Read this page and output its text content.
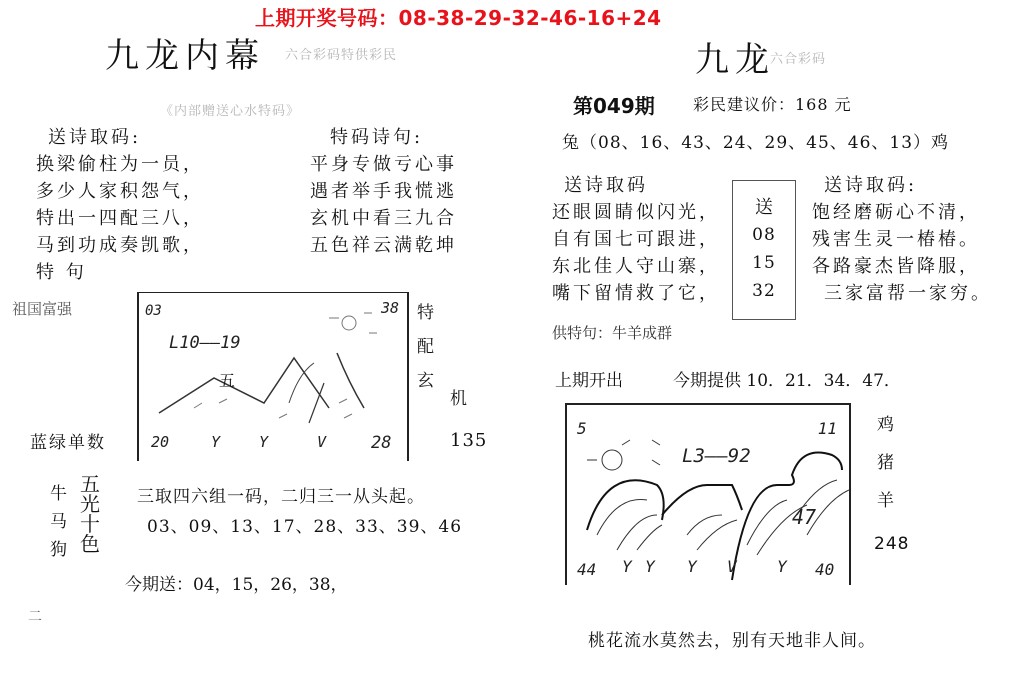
上期开奖号码：08-38-29-32-46-16+24
九龙内幕 六合彩码特供彩民
《内部赠送心水特码》
送诗取码:
换梁偷柱为一员，
多少人家积怨气，
特出一四配三八，
马到功成奏凯歌，
特 句
特码诗句:
平身专做亏心事
遇者举手我慌逃
玄机中看三九合
五色祥云满乾坤
祖国富强
蓝绿单数
03	38
L10——19
五
20	Y	Y	V	28
特
配
玄
机
135
牛
马
狗
五
光
十
色
三取四六组一码，二归三一从头起。
03、09、13、17、28、33、39、46
今期送：04，15，26，38，
二
九龙
六合彩码
第049期 彩民建议价：168 元
兔（08、16、43、24、29、45、46、13）鸡
送诗取码
还眼圆睛似闪光，
自有国七可跟进，
东北佳人守山寨，
嘴下留情救了它，
送
08
15
32
送诗取码:
饱经磨砺心不清，
残害生灵一椿椿。
各路豪杰皆降服，
三家富帮一家穷。
供特句：牛羊成群
上期开出	今期提供 10．21．34．47．
5	11
L3——92
47
44 Y Y Y V	Y 40
鸡
猪
羊
248
桃花流水莫然去，别有天地非人间。
